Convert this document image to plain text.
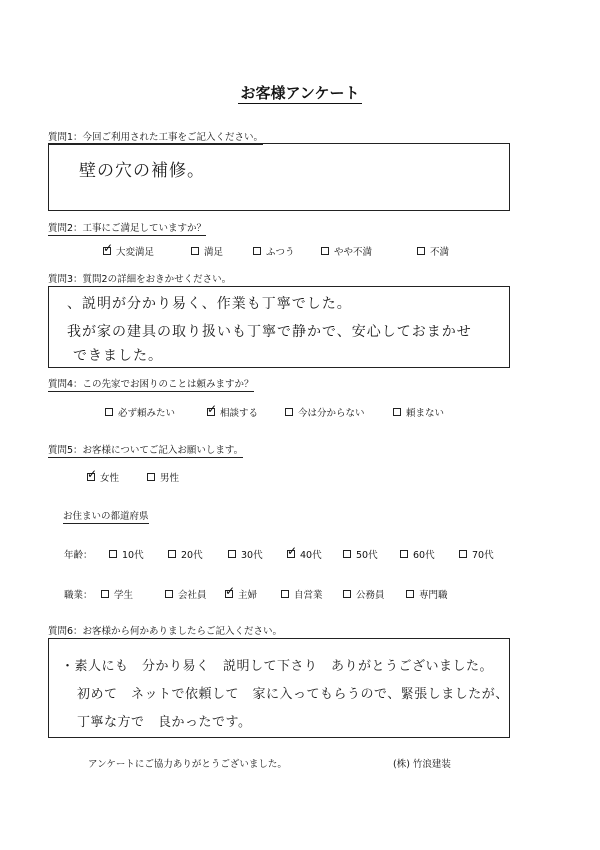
お客様アンケート
質問1：今回ご利用された工事をご記入ください。
壁の穴の補修。
質問2：工事にご満足していますか？
✓
大変満足	満足	ふつう	やや不満	不満
質問3：質問2の詳細をおきかせください。
、説明が分かり易く、作業も丁寧でした。
我が家の建具の取り扱いも丁寧で静かで、安心しておまかせ
できました。
質問4：この先家でお困りのことは頼みますか？
必ず頼みたい ✓	相談する	今は分からない	頼まない
質問5：お客様についてご記入お願いします。
✓
女性	男性
お住まいの都道府県
年齢：	10代	20代	30代 ✓	40代	50代	60代	70代
職業：	学生	会社員 ✓	主婦	自営業	公務員	専門職
質問6：お客様から何かありましたらご記入ください。
・素人にも　分かり易く　説明して下さり　ありがとうございました。
初めて　ネットで依頼して　家に入ってもらうので、緊張しましたが、
丁寧な方で　良かったです。
アンケートにご協力ありがとうございました。	(株) 竹浪建装
